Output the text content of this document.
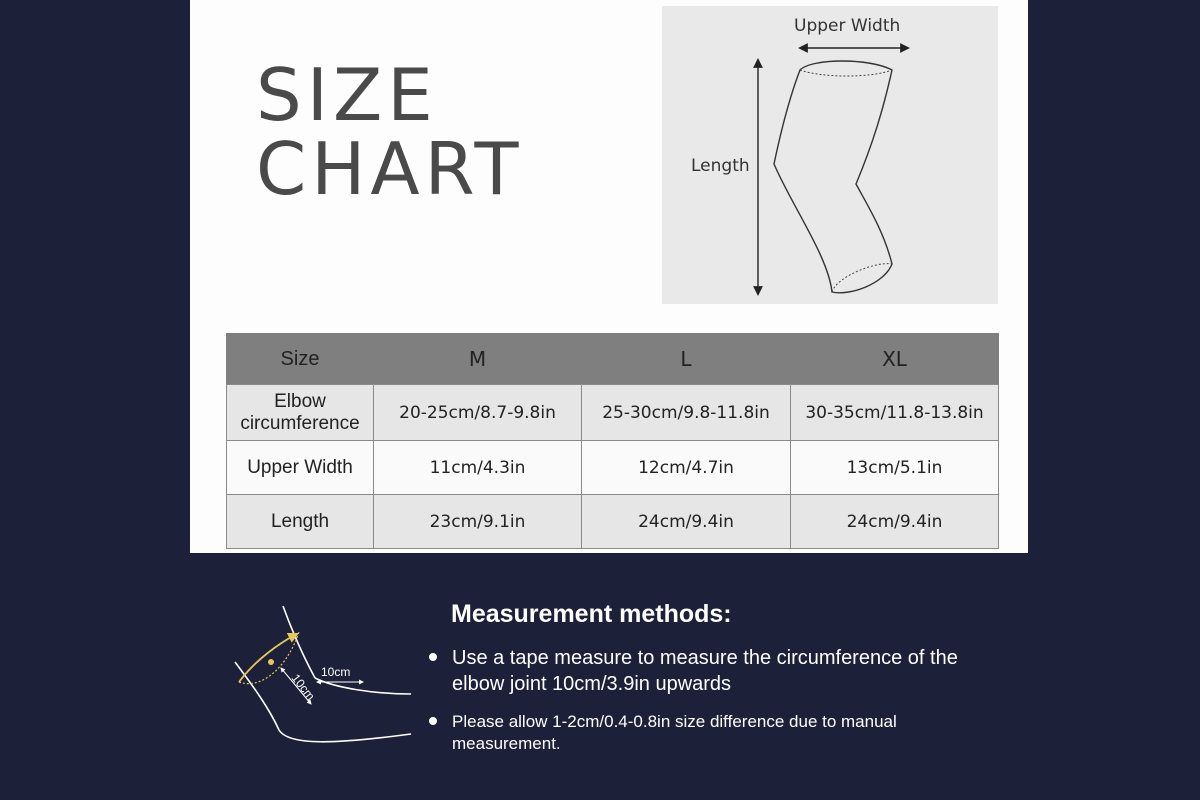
SIZE
CHART
Upper Width
Length
Size	M	L	XL
Elbow circumference	20-25cm/8.7-9.8in	25-30cm/9.8-11.8in	30-35cm/11.8-13.8in
Upper Width	11cm/4.3in	12cm/4.7in	13cm/5.1in
Length	23cm/9.1in	24cm/9.4in	24cm/9.4in
10cm
10cm
Measurement methods:
Use a tape measure to measure the circumference of the elbow joint 10cm/3.9in upwards
Please allow 1-2cm/0.4-0.8in size difference due to manual measurement.
